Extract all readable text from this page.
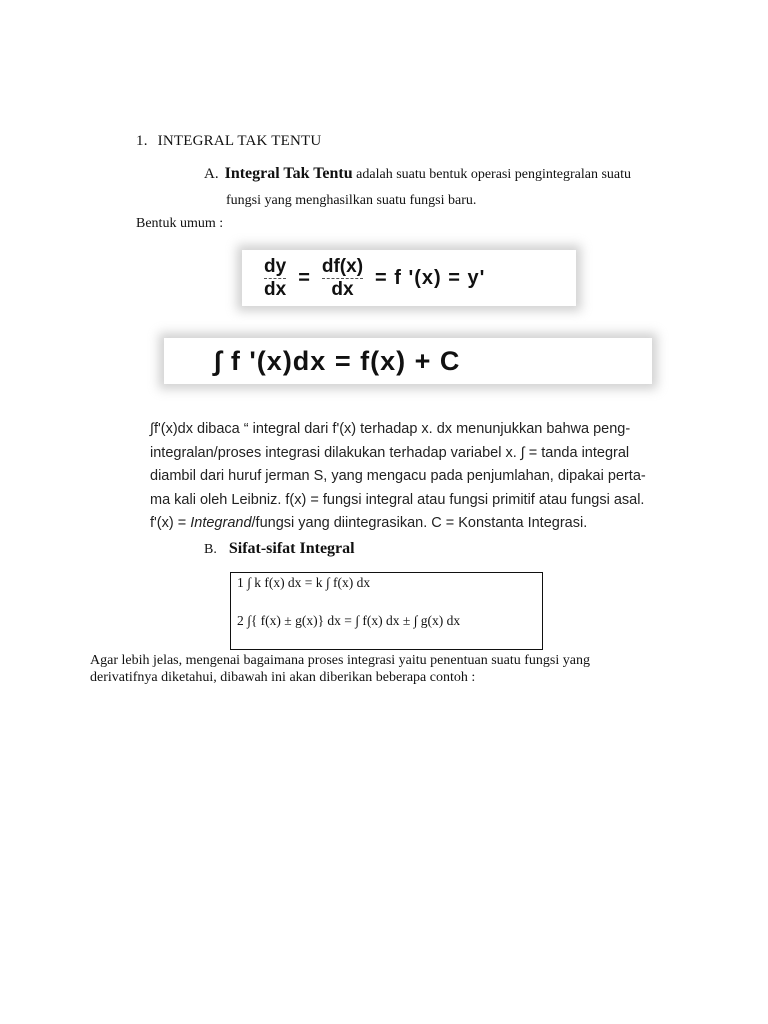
1. INTEGRAL TAK TENTU
A. Integral Tak Tentu adalah suatu bentuk operasi pengintegralan suatu
fungsi yang menghasilkan suatu fungsi baru.
Bentuk umum :
$\frac{dy}{dx} = \frac{df(x)}{dx} = f$ '(x) = y'
∫ f '(x)dx = f(x) + C
∫f'(x)dx dibaca “ integral dari f'(x) terhadap x. dx menunjukkan bahwa peng-
integralan/proses integrasi dilakukan terhadap variabel x. ∫ = tanda integral
diambil dari huruf jerman S, yang mengacu pada penjumlahan, dipakai perta-
ma kali oleh Leibniz. f(x) = fungsi integral atau fungsi primitif atau fungsi asal.
f'(x) = Integrand/fungsi yang diintegrasikan. C = Konstanta Integrasi.
B. Sifat-sifat Integral
1 ∫ k f(x) dx = k ∫ f(x) dx
2 ∫{ f(x) ± g(x)} dx = ∫ f(x) dx ± ∫ g(x) dx
Agar lebih jelas, mengenai bagaimana proses integrasi yaitu penentuan suatu fungsi yang
derivatifnya diketahui, dibawah ini akan diberikan beberapa contoh :
